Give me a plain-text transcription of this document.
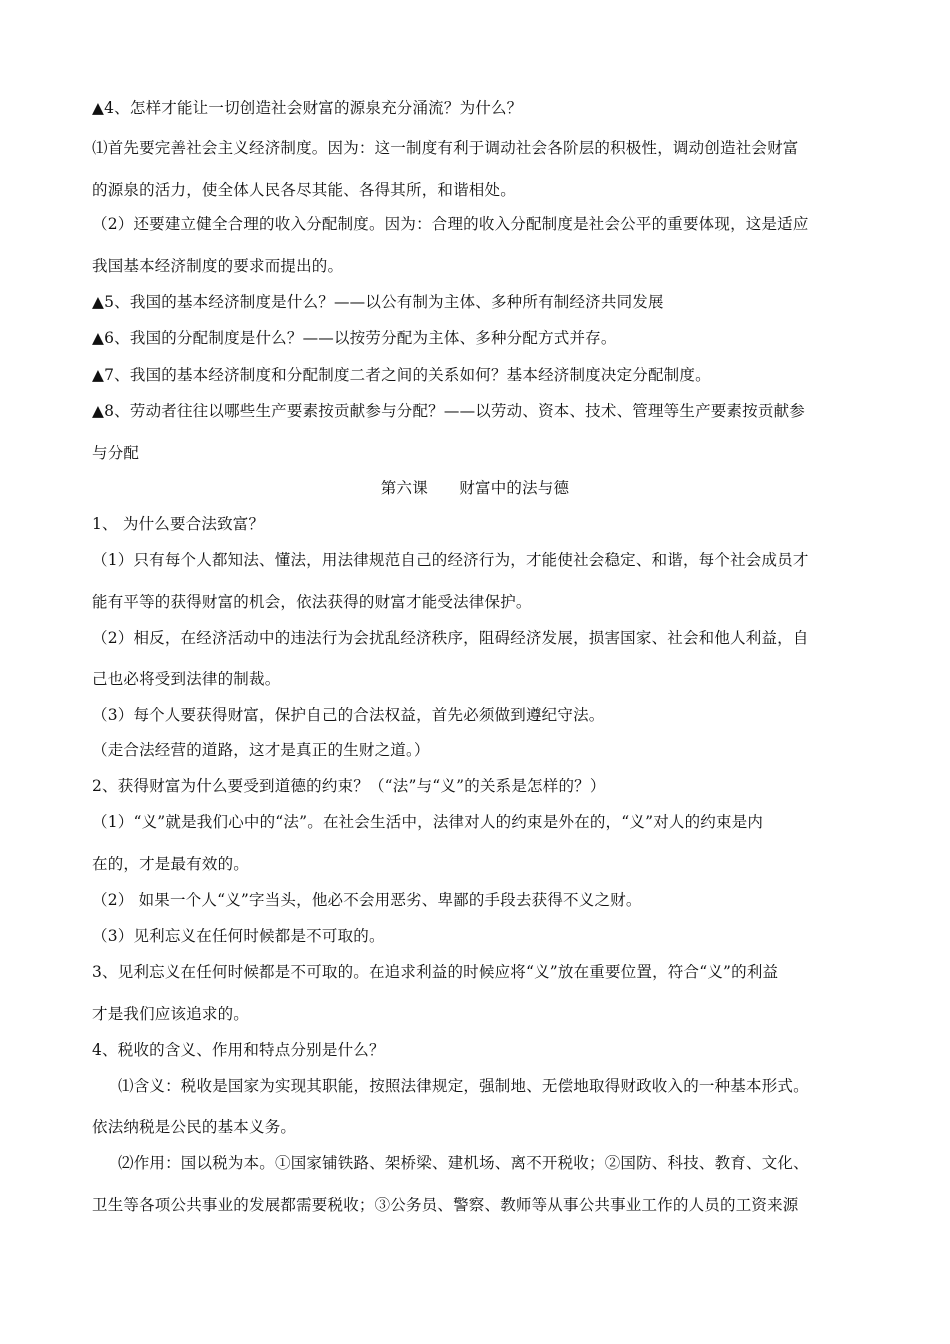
▲4、怎样才能让一切创造社会财富的源泉充分涌流？为什么？
⑴首先要完善社会主义经济制度。因为：这一制度有利于调动社会各阶层的积极性，调动创造社会财富
的源泉的活力，使全体人民各尽其能、各得其所，和谐相处。
（2）还要建立健全合理的收入分配制度。因为：合理的收入分配制度是社会公平的重要体现，这是适应
我国基本经济制度的要求而提出的。
▲5、我国的基本经济制度是什么？——以公有制为主体、多种所有制经济共同发展
▲6、我国的分配制度是什么？——以按劳分配为主体、多种分配方式并存。
▲7、我国的基本经济制度和分配制度二者之间的关系如何？基本经济制度决定分配制度。
▲8、劳动者往往以哪些生产要素按贡献参与分配？——以劳动、资本、技术、管理等生产要素按贡献参
与分配
第六课　　财富中的法与德
1、 为什么要合法致富？
（1）只有每个人都知法、懂法，用法律规范自己的经济行为，才能使社会稳定、和谐，每个社会成员才
能有平等的获得财富的机会，依法获得的财富才能受法律保护。
（2）相反，在经济活动中的违法行为会扰乱经济秩序，阻碍经济发展，损害国家、社会和他人利益，自
己也必将受到法律的制裁。
（3）每个人要获得财富，保护自己的合法权益，首先必须做到遵纪守法。
（走合法经营的道路，这才是真正的生财之道。）
2、获得财富为什么要受到道德的约束？（“法”与“义”的关系是怎样的？）
（1）“义”就是我们心中的“法”。在社会生活中，法律对人的约束是外在的，“义”对人的约束是内
在的，才是最有效的。
（2） 如果一个人“义”字当头，他必不会用恶劣、卑鄙的手段去获得不义之财。
（3）见利忘义在任何时候都是不可取的。
3、见利忘义在任何时候都是不可取的。在追求利益的时候应将“义”放在重要位置，符合“义”的利益
才是我们应该追求的。
4、税收的含义、作用和特点分别是什么？
⑴含义：税收是国家为实现其职能，按照法律规定，强制地、无偿地取得财政收入的一种基本形式。
依法纳税是公民的基本义务。
⑵作用：国以税为本。①国家铺铁路、架桥梁、建机场、离不开税收；②国防、科技、教育、文化、
卫生等各项公共事业的发展都需要税收；③公务员、警察、教师等从事公共事业工作的人员的工资来源
